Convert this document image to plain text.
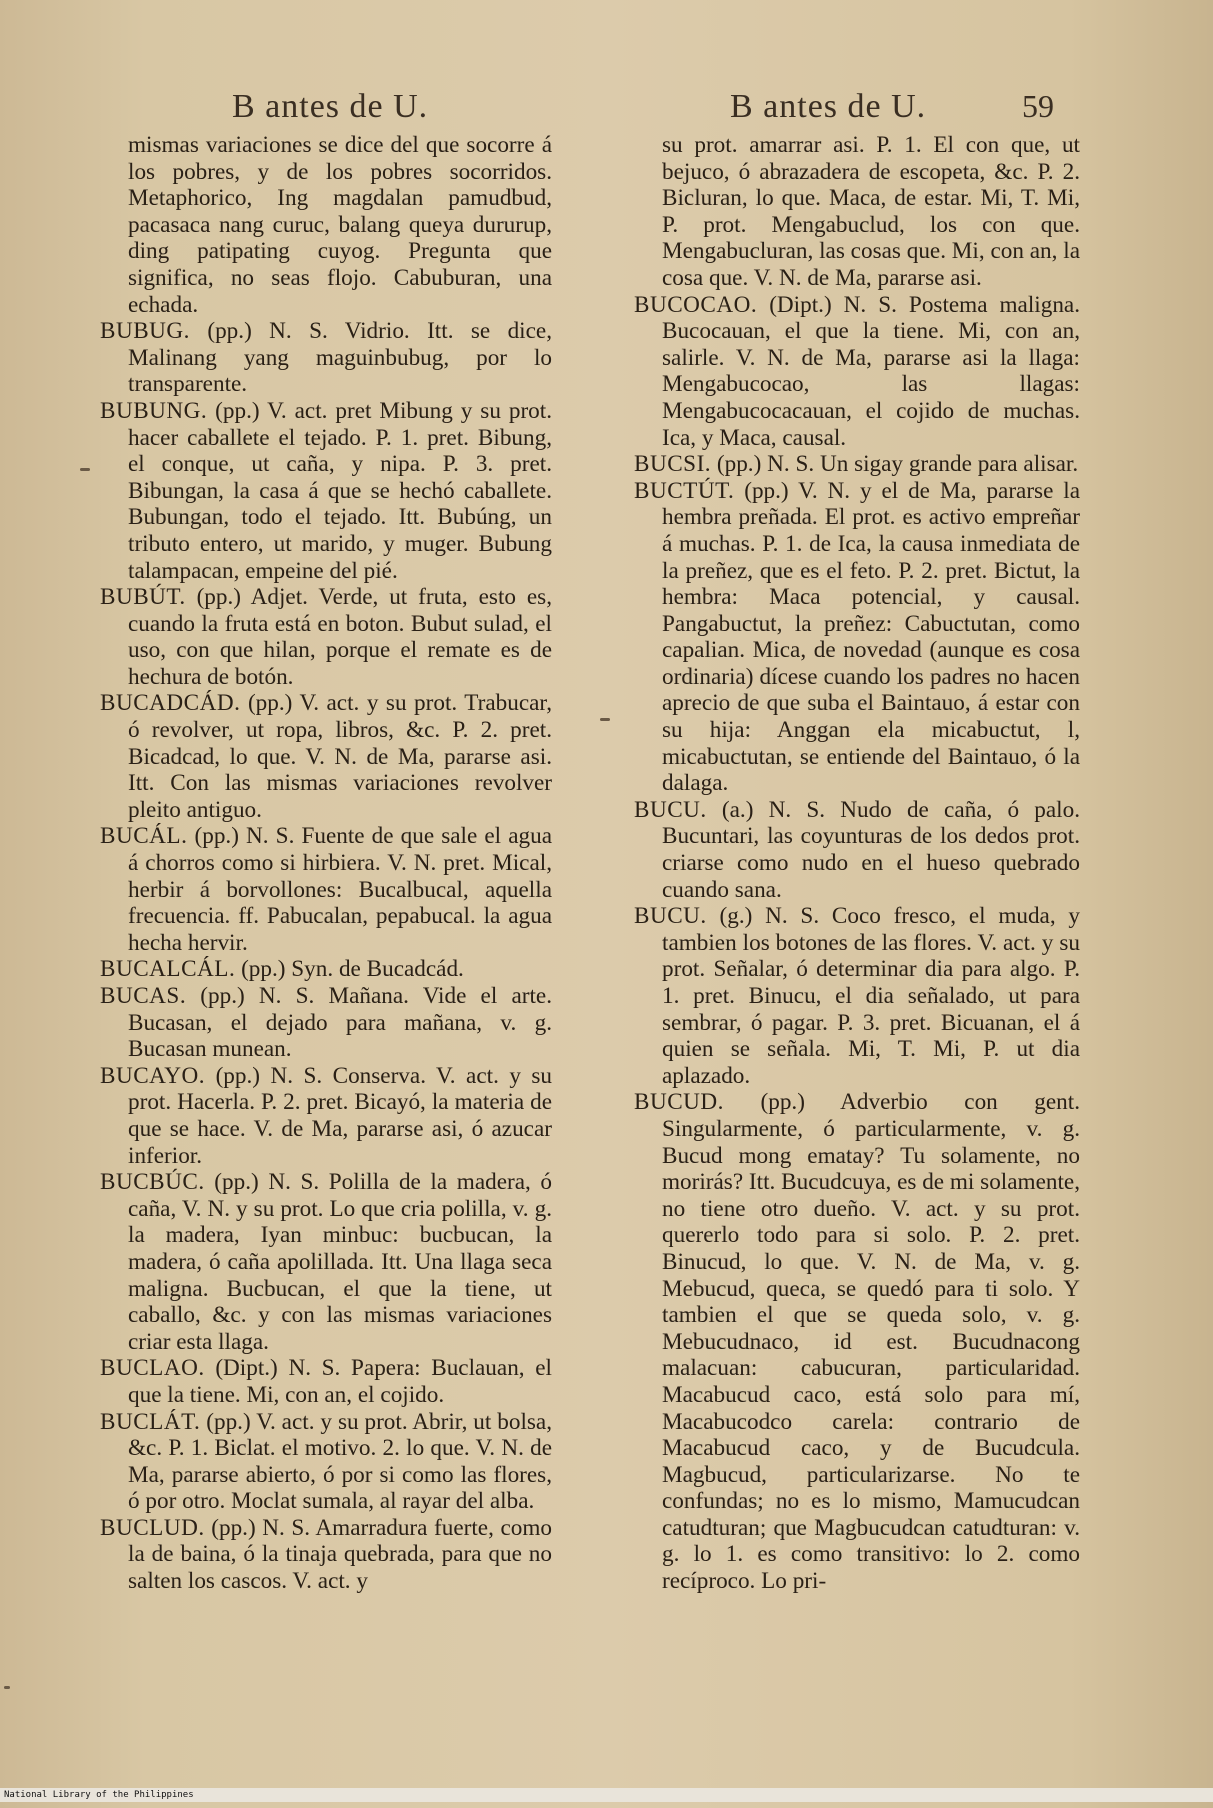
B antes de U.	B antes de U.	59

mismas variaciones se dice del que socorre á los pobres, y de los pobres socorridos. Metaphorico, Ing magdalan pamudbud, pacasaca nang curuc, balang queya dururup, ding patipating cuyog. Pregunta que significa, no seas flojo. Cabuburan, una echada.

BUBUG. (pp.) N. S. Vidrio. Itt. se dice, Malinang yang maguinbubug, por lo transparente.

BUBUNG. (pp.) V. act. pret Mibung y su prot. hacer caballete el tejado. P. 1. pret. Bibung, el conque, ut caña, y nipa. P. 3. pret. Bibungan, la casa á que se hechó caballete. Bubungan, todo el tejado. Itt. Bubúng, un tributo entero, ut marido, y muger. Bubung talampacan, empeine del pié.

BUBÚT. (pp.) Adjet. Verde, ut fruta, esto es, cuando la fruta está en boton. Bubut sulad, el uso, con que hilan, porque el remate es de hechura de botón.

BUCADCÁD. (pp.) V. act. y su prot. Trabucar, ó revolver, ut ropa, libros, &c. P. 2. pret. Bicadcad, lo que. V. N. de Ma, pararse asi. Itt. Con las mismas variaciones revolver pleito antiguo.

BUCÁL. (pp.) N. S. Fuente de que sale el agua á chorros como si hirbiera. V. N. pret. Mical, herbir á borvollones: Bucalbucal, aquella frecuencia. ff. Pabucalan, pepabucal. la agua hecha hervir.

BUCALCÁL. (pp.) Syn. de Bucadcád.

BUCAS. (pp.) N. S. Mañana. Vide el arte. Bucasan, el dejado para mañana, v. g. Bucasan munean.

BUCAYO. (pp.) N. S. Conserva. V. act. y su prot. Hacerla. P. 2. pret. Bicayó, la materia de que se hace. V. de Ma, pararse asi, ó azucar inferior.

BUCBÚC. (pp.) N. S. Polilla de la madera, ó caña, V. N. y su prot. Lo que cria polilla, v. g. la madera, Iyan minbuc: bucbucan, la madera, ó caña apolillada. Itt. Una llaga seca maligna. Bucbucan, el que la tiene, ut caballo, &c. y con las mismas variaciones criar esta llaga.

BUCLAO. (Dipt.) N. S. Papera: Buclauan, el que la tiene. Mi, con an, el cojido.

BUCLÁT. (pp.) V. act. y su prot. Abrir, ut bolsa, &c. P. 1. Biclat. el motivo. 2. lo que. V. N. de Ma, pararse abierto, ó por si como las flores, ó por otro. Moclat sumala, al rayar del alba.

BUCLUD. (pp.) N. S. Amarradura fuerte, como la de baina, ó la tinaja quebrada, para que no salten los cascos. V. act. y

su prot. amarrar asi. P. 1. El con que, ut bejuco, ó abrazadera de escopeta, &c. P. 2. Bicluran, lo que. Maca, de estar. Mi, T. Mi, P. prot. Mengabuclud, los con que. Mengabucluran, las cosas que. Mi, con an, la cosa que. V. N. de Ma, pararse asi.

BUCOCAO. (Dipt.) N. S. Postema maligna. Bucocauan, el que la tiene. Mi, con an, salirle. V. N. de Ma, pararse asi la llaga: Mengabucocao, las llagas: Mengabucocacauan, el cojido de muchas. Ica, y Maca, causal.

BUCSI. (pp.) N. S. Un sigay grande para alisar.

BUCTÚT. (pp.) V. N. y el de Ma, pararse la hembra preñada. El prot. es activo empreñar á muchas. P. 1. de Ica, la causa inmediata de la preñez, que es el feto. P. 2. pret. Bictut, la hembra: Maca potencial, y causal. Pangabuctut, la preñez: Cabuctutan, como capalian. Mica, de novedad (aunque es cosa ordinaria) dícese cuando los padres no hacen aprecio de que suba el Baintauo, á estar con su hija: Anggan ela micabuctut, l, micabuctutan, se entiende del Baintauo, ó la dalaga.

BUCU. (a.) N. S. Nudo de caña, ó palo. Bucuntari, las coyunturas de los dedos prot. criarse como nudo en el hueso quebrado cuando sana.

BUCU. (g.) N. S. Coco fresco, el muda, y tambien los botones de las flores. V. act. y su prot. Señalar, ó determinar dia para algo. P. 1. pret. Binucu, el dia señalado, ut para sembrar, ó pagar. P. 3. pret. Bicuanan, el á quien se señala. Mi, T. Mi, P. ut dia aplazado.

BUCUD. (pp.) Adverbio con gent. Singularmente, ó particularmente, v. g. Bucud mong ematay? Tu solamente, no morirás? Itt. Bucudcuya, es de mi solamente, no tiene otro dueño. V. act. y su prot. quererlo todo para si solo. P. 2. pret. Binucud, lo que. V. N. de Ma, v. g. Mebucud, queca, se quedó para ti solo. Y tambien el que se queda solo, v. g. Mebucudnaco, id est. Bucudnacong malacuan: cabucuran, particularidad. Macabucud caco, está solo para mí, Macabucodco carela: contrario de Macabucud caco, y de Bucudcula. Magbucud, particularizarse. No te confundas; no es lo mismo, Mamucudcan catudturan; que Magbucudcan catudturan: v. g. lo 1. es como transitivo: lo 2. como recíproco. Lo pri-

National Library of the Philippines
